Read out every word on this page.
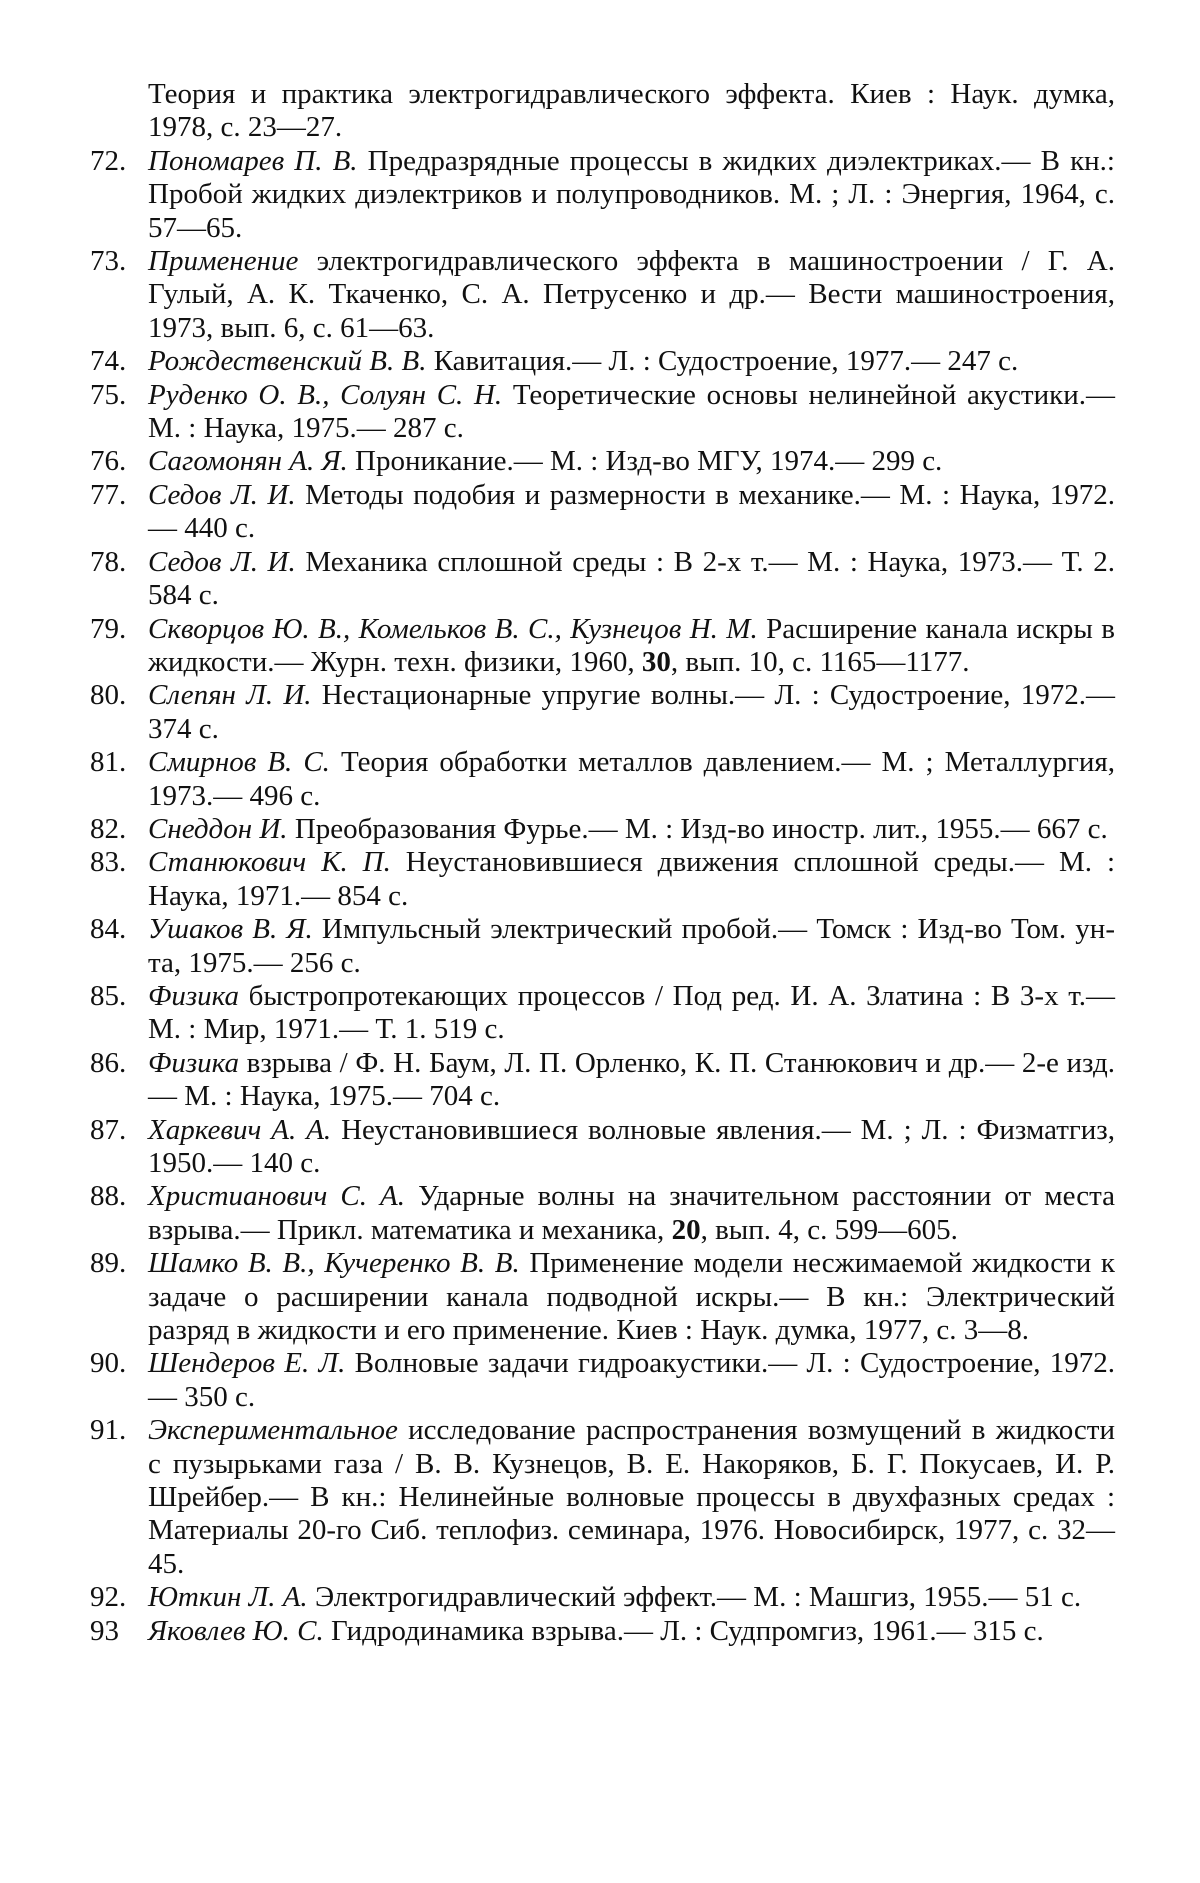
Теория и практика электрогидравлического эффекта. Киев : Наук. думка, 1978, с. 23—27.
72. Пономарев П. В. Предразрядные процессы в жидких диэлектриках.— В кн.: Пробой жидких диэлектриков и полупроводников. М. ; Л. : Энергия, 1964, с. 57—65.
73. Применение электрогидравлического эффекта в машиностроении / Г. А. Гулый, А. К. Ткаченко, С. А. Петрусенко и др.— Вести машиностроения, 1973, вып. 6, с. 61—63.
74. Рождественский В. В. Кавитация.— Л. : Судостроение, 1977.— 247 с.
75. Руденко О. В., Солуян С. Н. Теоретические основы нелинейной акустики.— М. : Наука, 1975.— 287 с.
76. Сагомонян А. Я. Проникание.— М. : Изд-во МГУ, 1974.— 299 с.
77. Седов Л. И. Методы подобия и размерности в механике.— М. : Наука, 1972.— 440 с.
78. Седов Л. И. Механика сплошной среды : В 2-х т.— М. : Наука, 1973.— Т. 2. 584 с.
79. Скворцов Ю. В., Комельков В. С., Кузнецов Н. М. Расширение канала искры в жидкости.— Журн. техн. физики, 1960, 30, вып. 10, с. 1165—1177.
80. Слепян Л. И. Нестационарные упругие волны.— Л. : Судостроение, 1972.— 374 с.
81. Смирнов В. С. Теория обработки металлов давлением.— М. ; Металлургия, 1973.— 496 с.
82. Снеддон И. Преобразования Фурье.— М. : Изд-во иностр. лит., 1955.— 667 с.
83. Станюкович К. П. Неустановившиеся движения сплошной среды.— М. : Наука, 1971.— 854 с.
84. Ушаков В. Я. Импульсный электрический пробой.— Томск : Изд-во Том. ун-та, 1975.— 256 с.
85. Физика быстропротекающих процессов / Под ред. И. А. Златина : В 3-х т.— М. : Мир, 1971.— Т. 1. 519 с.
86. Физика взрыва / Ф. Н. Баум, Л. П. Орленко, К. П. Станюкович и др.— 2-е изд.— М. : Наука, 1975.— 704 с.
87. Харкевич А. А. Неустановившиеся волновые явления.— М. ; Л. : Физматгиз, 1950.— 140 с.
88. Христианович С. А. Ударные волны на значительном расстоянии от места взрыва.— Прикл. математика и механика, 20, вып. 4, с. 599—605.
89. Шамко В. В., Кучеренко В. В. Применение модели несжимаемой жидкости к задаче о расширении канала подводной искры.— В кн.: Электрический разряд в жидкости и его применение. Киев : Наук. думка, 1977, с. 3—8.
90. Шендеров Е. Л. Волновые задачи гидроакустики.— Л. : Судостроение, 1972.— 350 с.
91. Экспериментальное исследование распространения возмущений в жидкости с пузырьками газа / В. В. Кузнецов, В. Е. Накоряков, Б. Г. Покусаев, И. Р. Шрейбер.— В кн.: Нелинейные волновые процессы в двухфазных средах : Материалы 20-го Сиб. теплофиз. семинара, 1976. Новосибирск, 1977, с. 32—45.
92. Юткин Л. А. Электрогидравлический эффект.— М. : Машгиз, 1955.— 51 с.
93	Яковлев Ю. С. Гидродинамика взрыва.— Л. : Судпромгиз, 1961.— 315 с.
